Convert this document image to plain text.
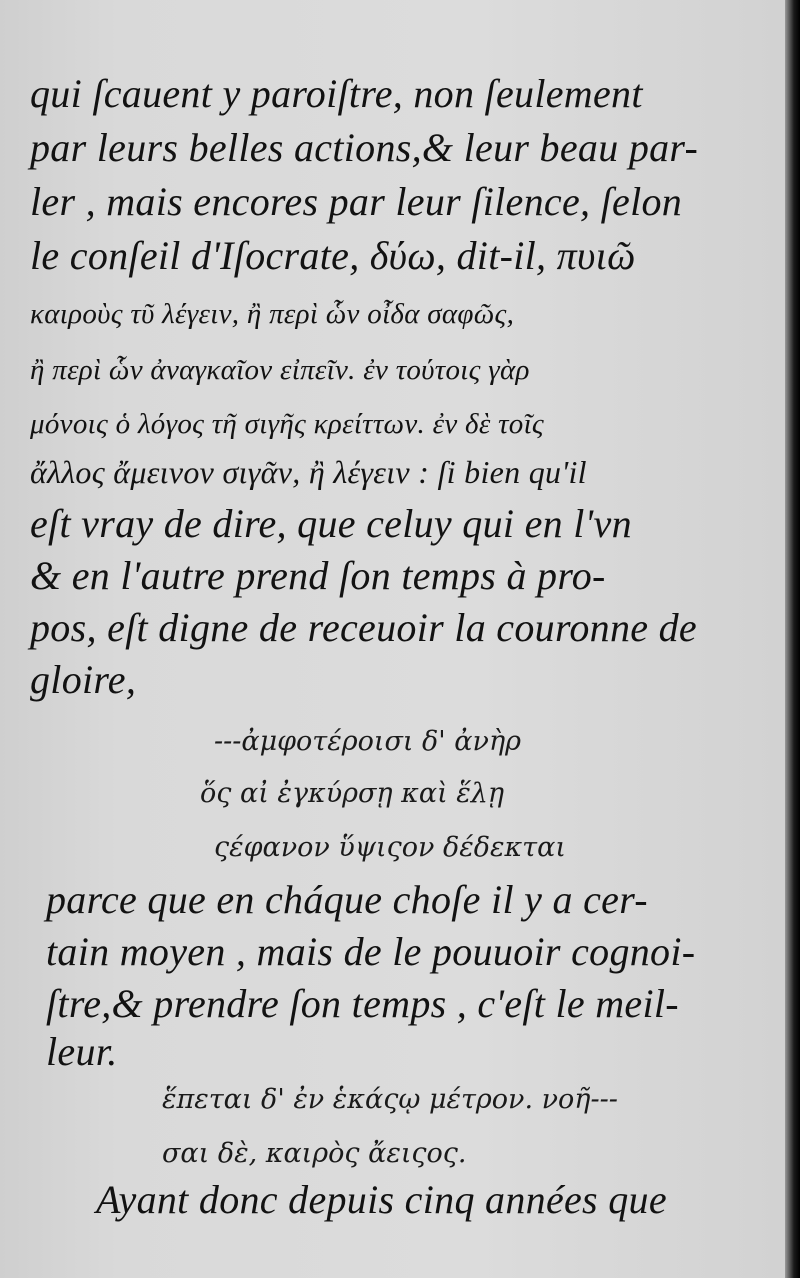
qui ſcauent y paroiſtre, non ſeulement
par leurs belles actions,& leur beau par-
ler , mais encores par leur ſilence, ſelon
le conſeil d'Iſocrate, δύω, dit-il, πυιῶ
καιροὺς τῦ λέγειν, ἢ περὶ ὧν οἶδα σαφῶς,
ἢ περὶ ὧν ἀναγκαῖον εἰπεῖν. ἐν τούτοις γὰρ
μόνοις ὁ λόγος τῆ σιγῆς κρείττων. ἐν δὲ τοῖς
ἄλλος ἄμεινον σιγᾶν, ἢ λέγειν : ſi bien qu'il
eſt vray de dire, que celuy qui en l'vn
& en l'autre prend ſon temps à pro-
pos, eſt digne de receuoir la couronne de
gloire,
---ἀμφοτέροισι δ' ἀνὴρ
ὅς αἰ ἐγκύρσῃ καὶ ἕλῃ
ςέφανον ὕψιςον δέδεκται
parce que en cháque choſe il y a cer-
tain moyen , mais de le pouuoir cognoi-
ſtre,& prendre ſon temps , c'eſt le meil-
leur.
ἕπεται δ' ἐν ἑκάςῳ μέτρον. νοῆ---
σαι δὲ, καιρὸς ἄειςος.
Ayant donc depuis cinq années que
